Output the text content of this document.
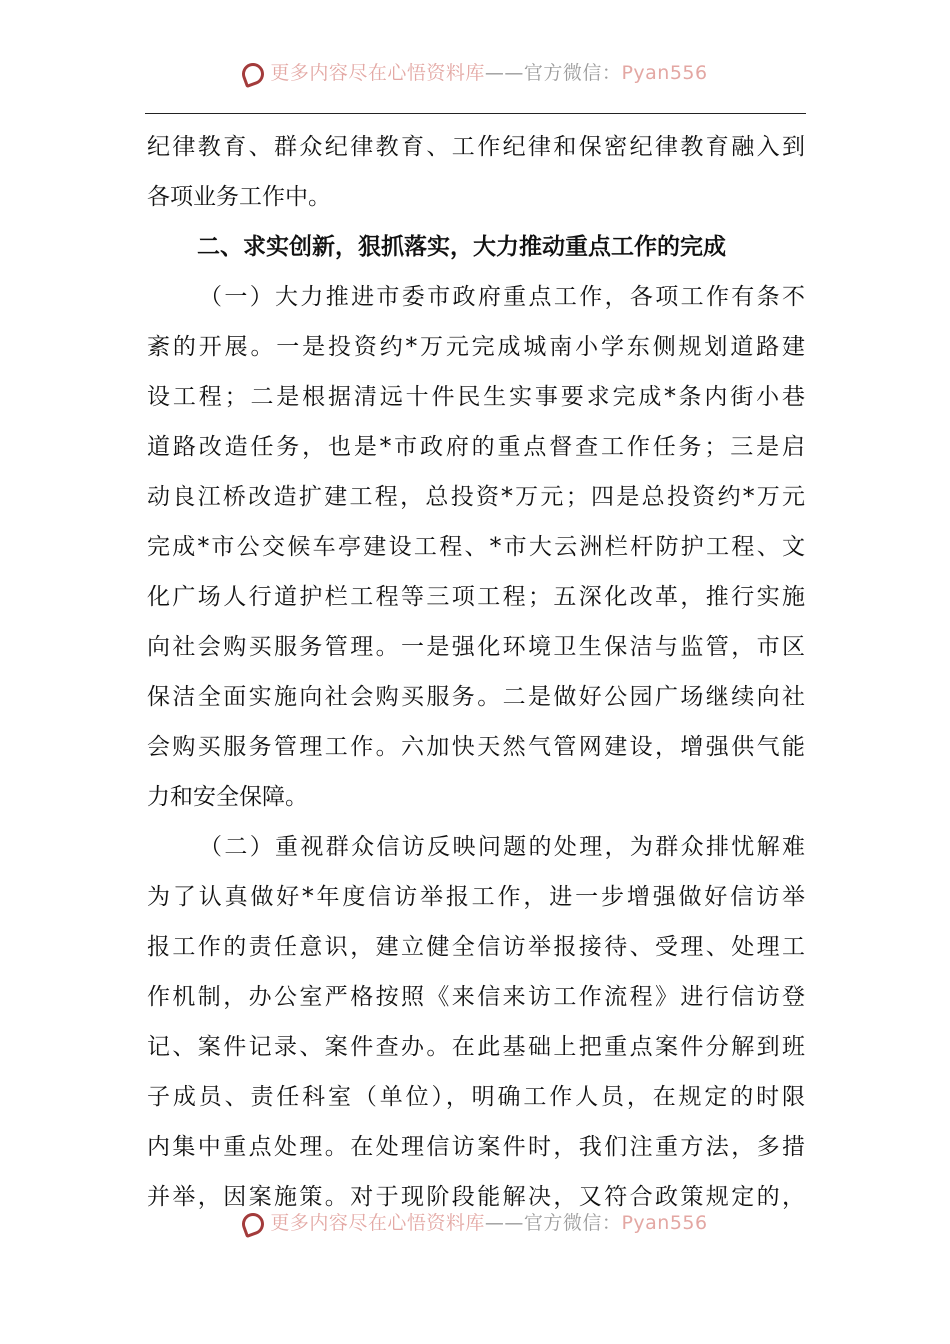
更多内容尽在心悟资料库——官方微信：Pyan556
纪律教育、群众纪律教育、工作纪律和保密纪律教育融入到
各项业务工作中。
二、求实创新，狠抓落实，大力推动重点工作的完成
（一）大力推进市委市政府重点工作，各项工作有条不
紊的开展。一是投资约*万元完成城南小学东侧规划道路建
设工程；二是根据清远十件民生实事要求完成*条内街小巷
道路改造任务，也是*市政府的重点督查工作任务；三是启
动良江桥改造扩建工程，总投资*万元；四是总投资约*万元
完成*市公交候车亭建设工程、*市大云洲栏杆防护工程、文
化广场人行道护栏工程等三项工程；五深化改革，推行实施
向社会购买服务管理。一是强化环境卫生保洁与监管，市区
保洁全面实施向社会购买服务。二是做好公园广场继续向社
会购买服务管理工作。六加快天然气管网建设，增强供气能
力和安全保障。
（二）重视群众信访反映问题的处理，为群众排忧解难
为了认真做好*年度信访举报工作，进一步增强做好信访举
报工作的责任意识，建立健全信访举报接待、受理、处理工
作机制，办公室严格按照《来信来访工作流程》进行信访登
记、案件记录、案件查办。在此基础上把重点案件分解到班
子成员、责任科室（单位），明确工作人员，在规定的时限
内集中重点处理。在处理信访案件时，我们注重方法，多措
并举，因案施策。对于现阶段能解决，又符合政策规定的，
更多内容尽在心悟资料库——官方微信：Pyan556
